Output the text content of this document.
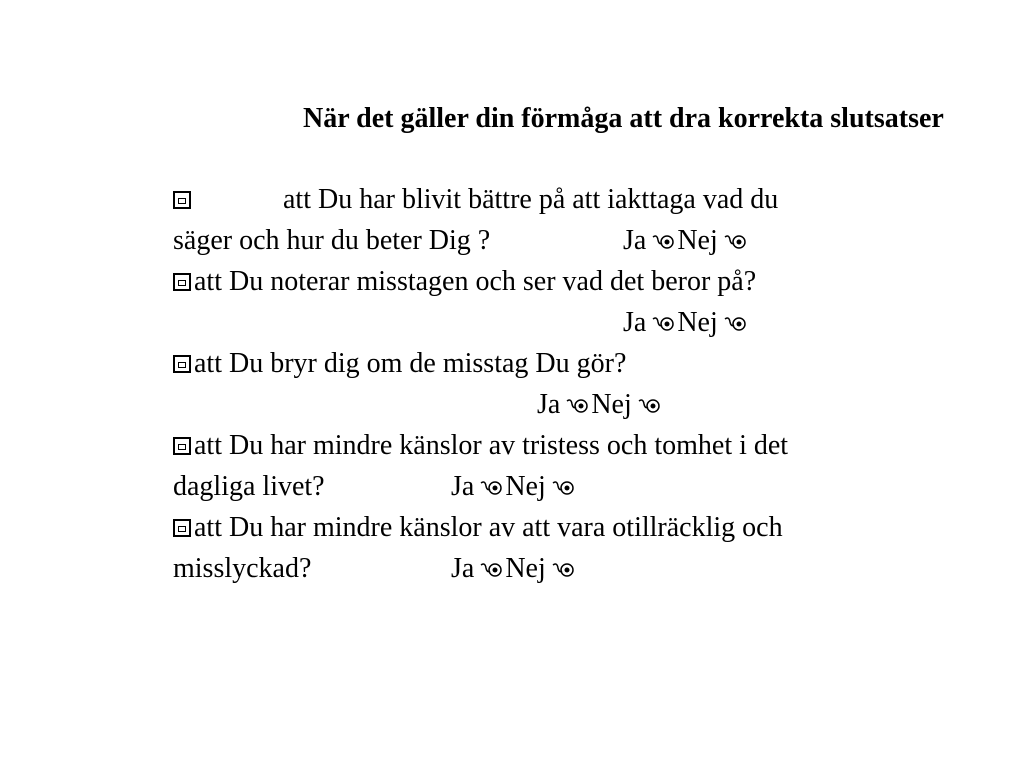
När det gäller din förmåga att dra korrekta slutsatser

att Du har blivit bättre på att iakttaga vad du
säger och hur du beter Dig ?	Ja Nej
att Du noterar misstagen och ser vad det beror på?
Ja Nej
att Du bryr dig om de misstag Du gör?
Ja Nej
att Du har mindre känslor av tristess och tomhet i det
dagliga livet?	Ja Nej
att Du har mindre känslor av att vara otillräcklig och
misslyckad?	Ja Nej
